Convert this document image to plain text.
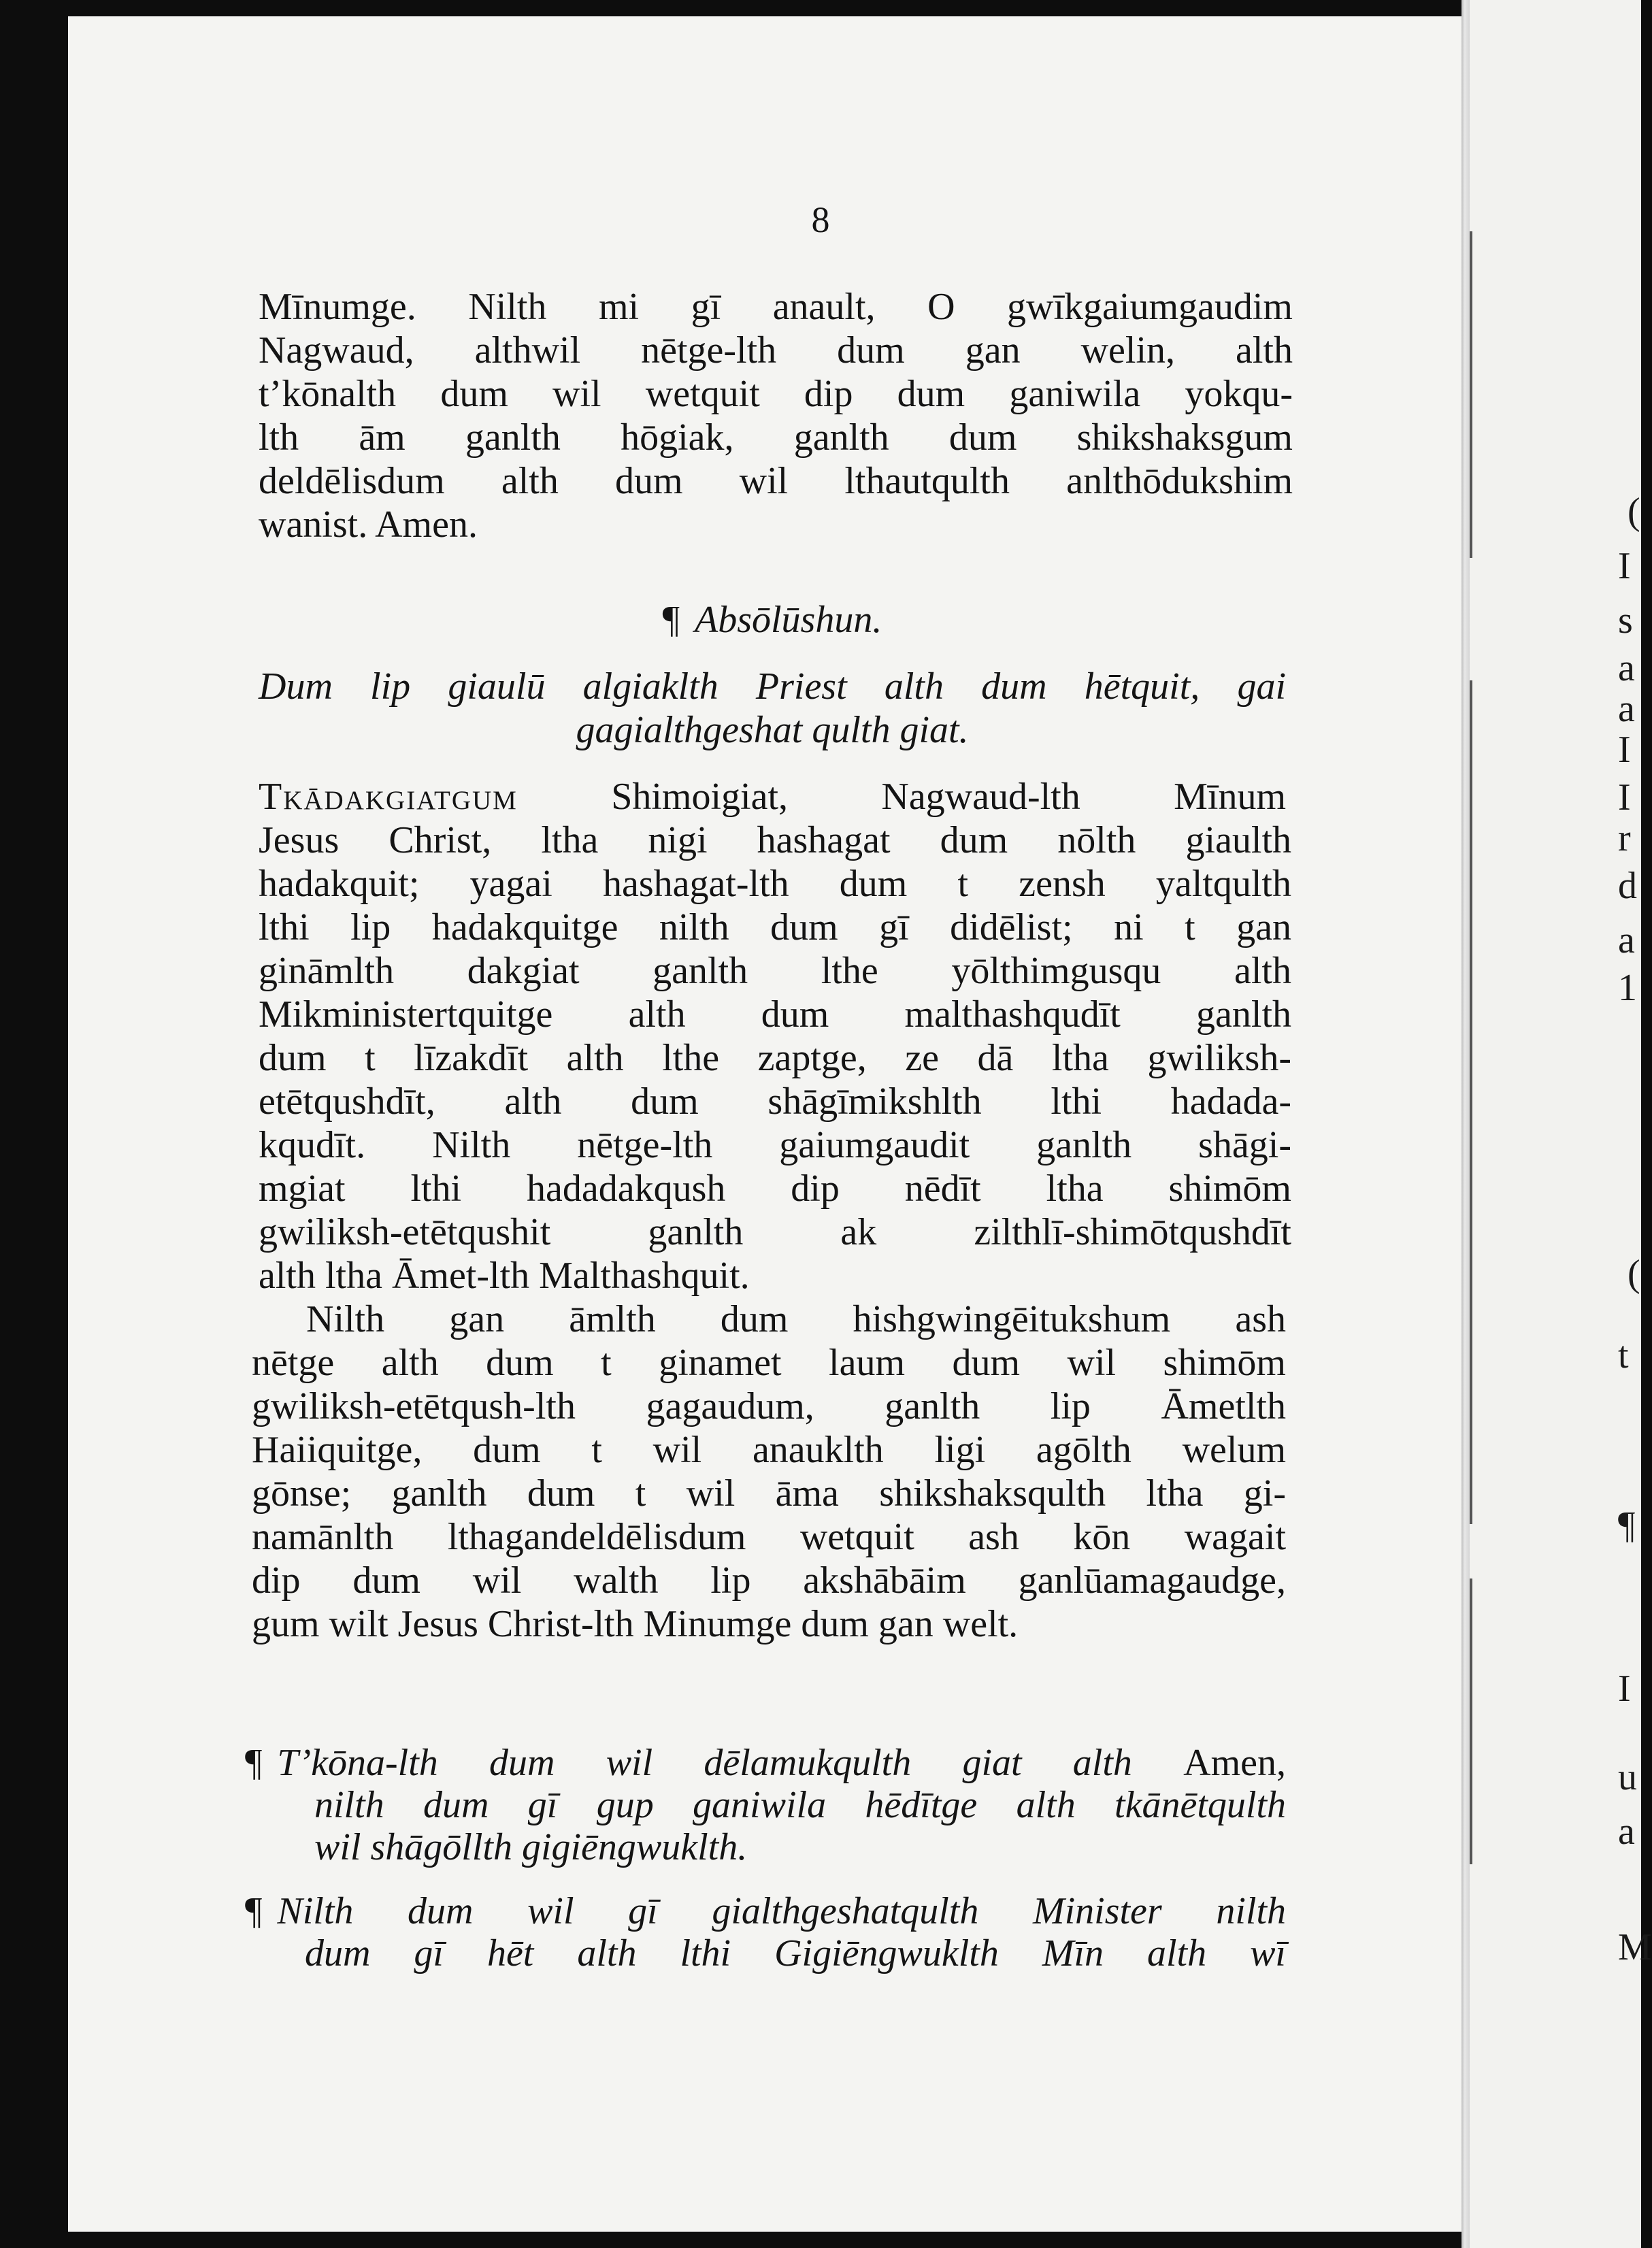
(
I
s
a
a
I
I
r
d
a
1
(
t
¶
I
u
a
M
8
Mīnumge. Nilth mi gī anault, O gwīkgaiumgaudim
Nagwaud, althwil nētge-lth dum gan welin, alth
t’kōnalth dum wil wetquit dip dum ganiwila yokqu-
lth ām ganlth hōgiak, ganlth dum shikshaksgum
deldēlisdum alth dum wil lthautqulth anlthōdukshim
wanist. Amen.
¶ Absōlūshun.
Dum lip giaulū algiaklth Priest alth dum hētquit, gai
gagialthgeshat qulth giat.
Tkādakgiatgum Shimoigiat, Nagwaud-lth Mīnum
Jesus Christ, ltha nigi hashagat dum nōlth giaulth
hadakquit; yagai hashagat-lth dum t zensh yaltqulth
lthi lip hadakquitge nilth dum gī didēlist; ni t gan
gināmlth dakgiat ganlth lthe yōlthimgusqu alth
Mikministertquitge alth dum malthashqudīt ganlth
dum t līzakdīt alth lthe zaptge, ze dā ltha gwiliksh-
etētqushdīt, alth dum shāgīmikshlth lthi hadada-
kqudīt. Nilth nētge-lth gaiumgaudit ganlth shāgi-
mgiat lthi hadadakqush dip nēdīt ltha shimōm
gwiliksh-etētqushit ganlth ak zilthlī-shimōtqushdīt
alth ltha Āmet-lth Malthashquit.
Nilth gan āmlth dum hishgwingēitukshum ash
nētge alth dum t ginamet laum dum wil shimōm
gwiliksh-etētqush-lth gagaudum, ganlth lip Āmetlth
Haiiquitge, dum t wil anauklth ligi agōlth welum
gōnse; ganlth dum t wil āma shikshaksqulth ltha gi-
namānlth lthagandeldēlisdum wetquit ash kōn wagait
dip dum wil walth lip akshābāim ganlūamagaudge,
gum wilt Jesus Christ-lth Minumge dum gan welt.
¶ T’kōna-lth dum wil dēlamukqulth giat alth Amen,
nilth dum gī gup ganiwila hēdītge alth tkānētqulth
wil shāgōllth gigiēngwuklth.
¶ Nilth dum wil gī gialthgeshatqulth Minister nilth
dum gī hēt alth lthi Gigiēngwuklth Mīn alth wī
